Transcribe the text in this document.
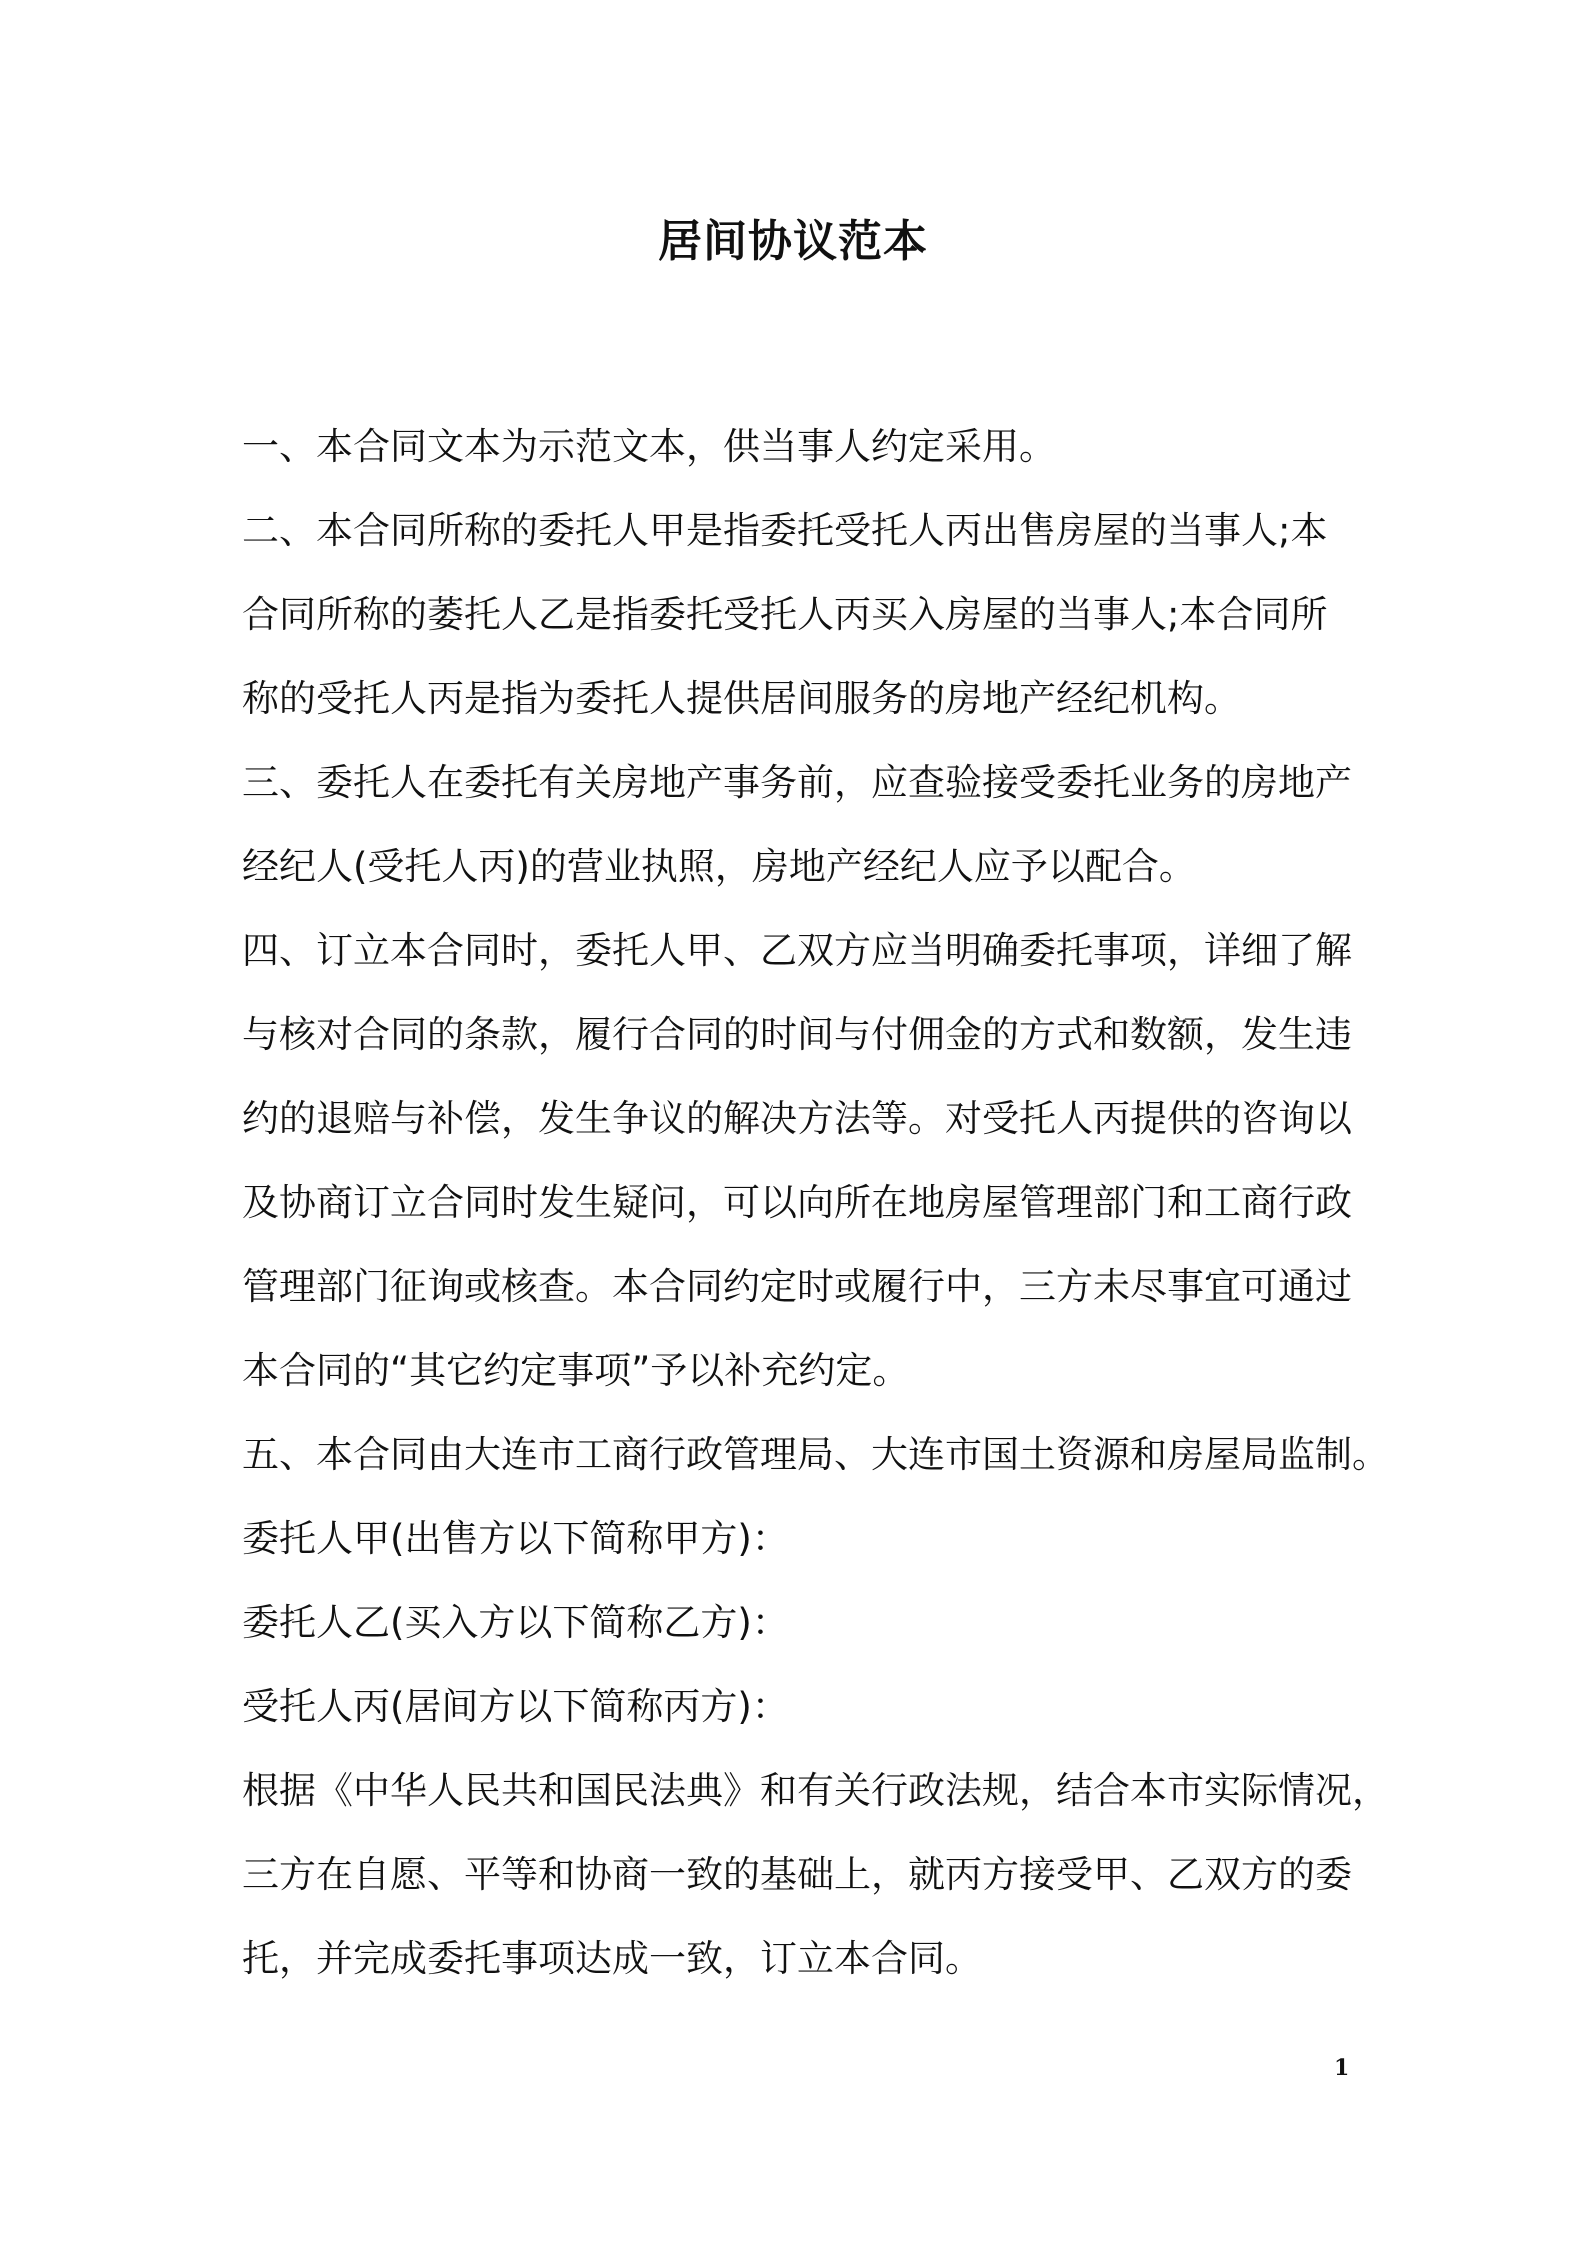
居间协议范本
一、本合同文本为示范文本，供当事人约定采用。
二、本合同所称的委托人甲是指委托受托人丙出售房屋的当事人;本
合同所称的萎托人乙是指委托受托人丙买入房屋的当事人;本合同所
称的受托人丙是指为委托人提供居间服务的房地产经纪机构。
三、委托人在委托有关房地产事务前，应查验接受委托业务的房地产
经纪人(受托人丙)的营业执照，房地产经纪人应予以配合。
四、订立本合同时，委托人甲、乙双方应当明确委托事项，详细了解
与核对合同的条款，履行合同的时间与付佣金的方式和数额，发生违
约的退赔与补偿，发生争议的解决方法等。对受托人丙提供的咨询以
及协商订立合同时发生疑问，可以向所在地房屋管理部门和工商行政
管理部门征询或核查。本合同约定时或履行中，三方未尽事宜可通过
本合同的“其它约定事项”予以补充约定。
五、本合同由大连市工商行政管理局、大连市国土资源和房屋局监制。
委托人甲(出售方以下简称甲方)：
委托人乙(买入方以下简称乙方)：
受托人丙(居间方以下简称丙方)：
根据《中华人民共和国民法典》和有关行政法规，结合本市实际情况，
三方在自愿、平等和协商一致的基础上，就丙方接受甲、乙双方的委
托，并完成委托事项达成一致，订立本合同。
1
